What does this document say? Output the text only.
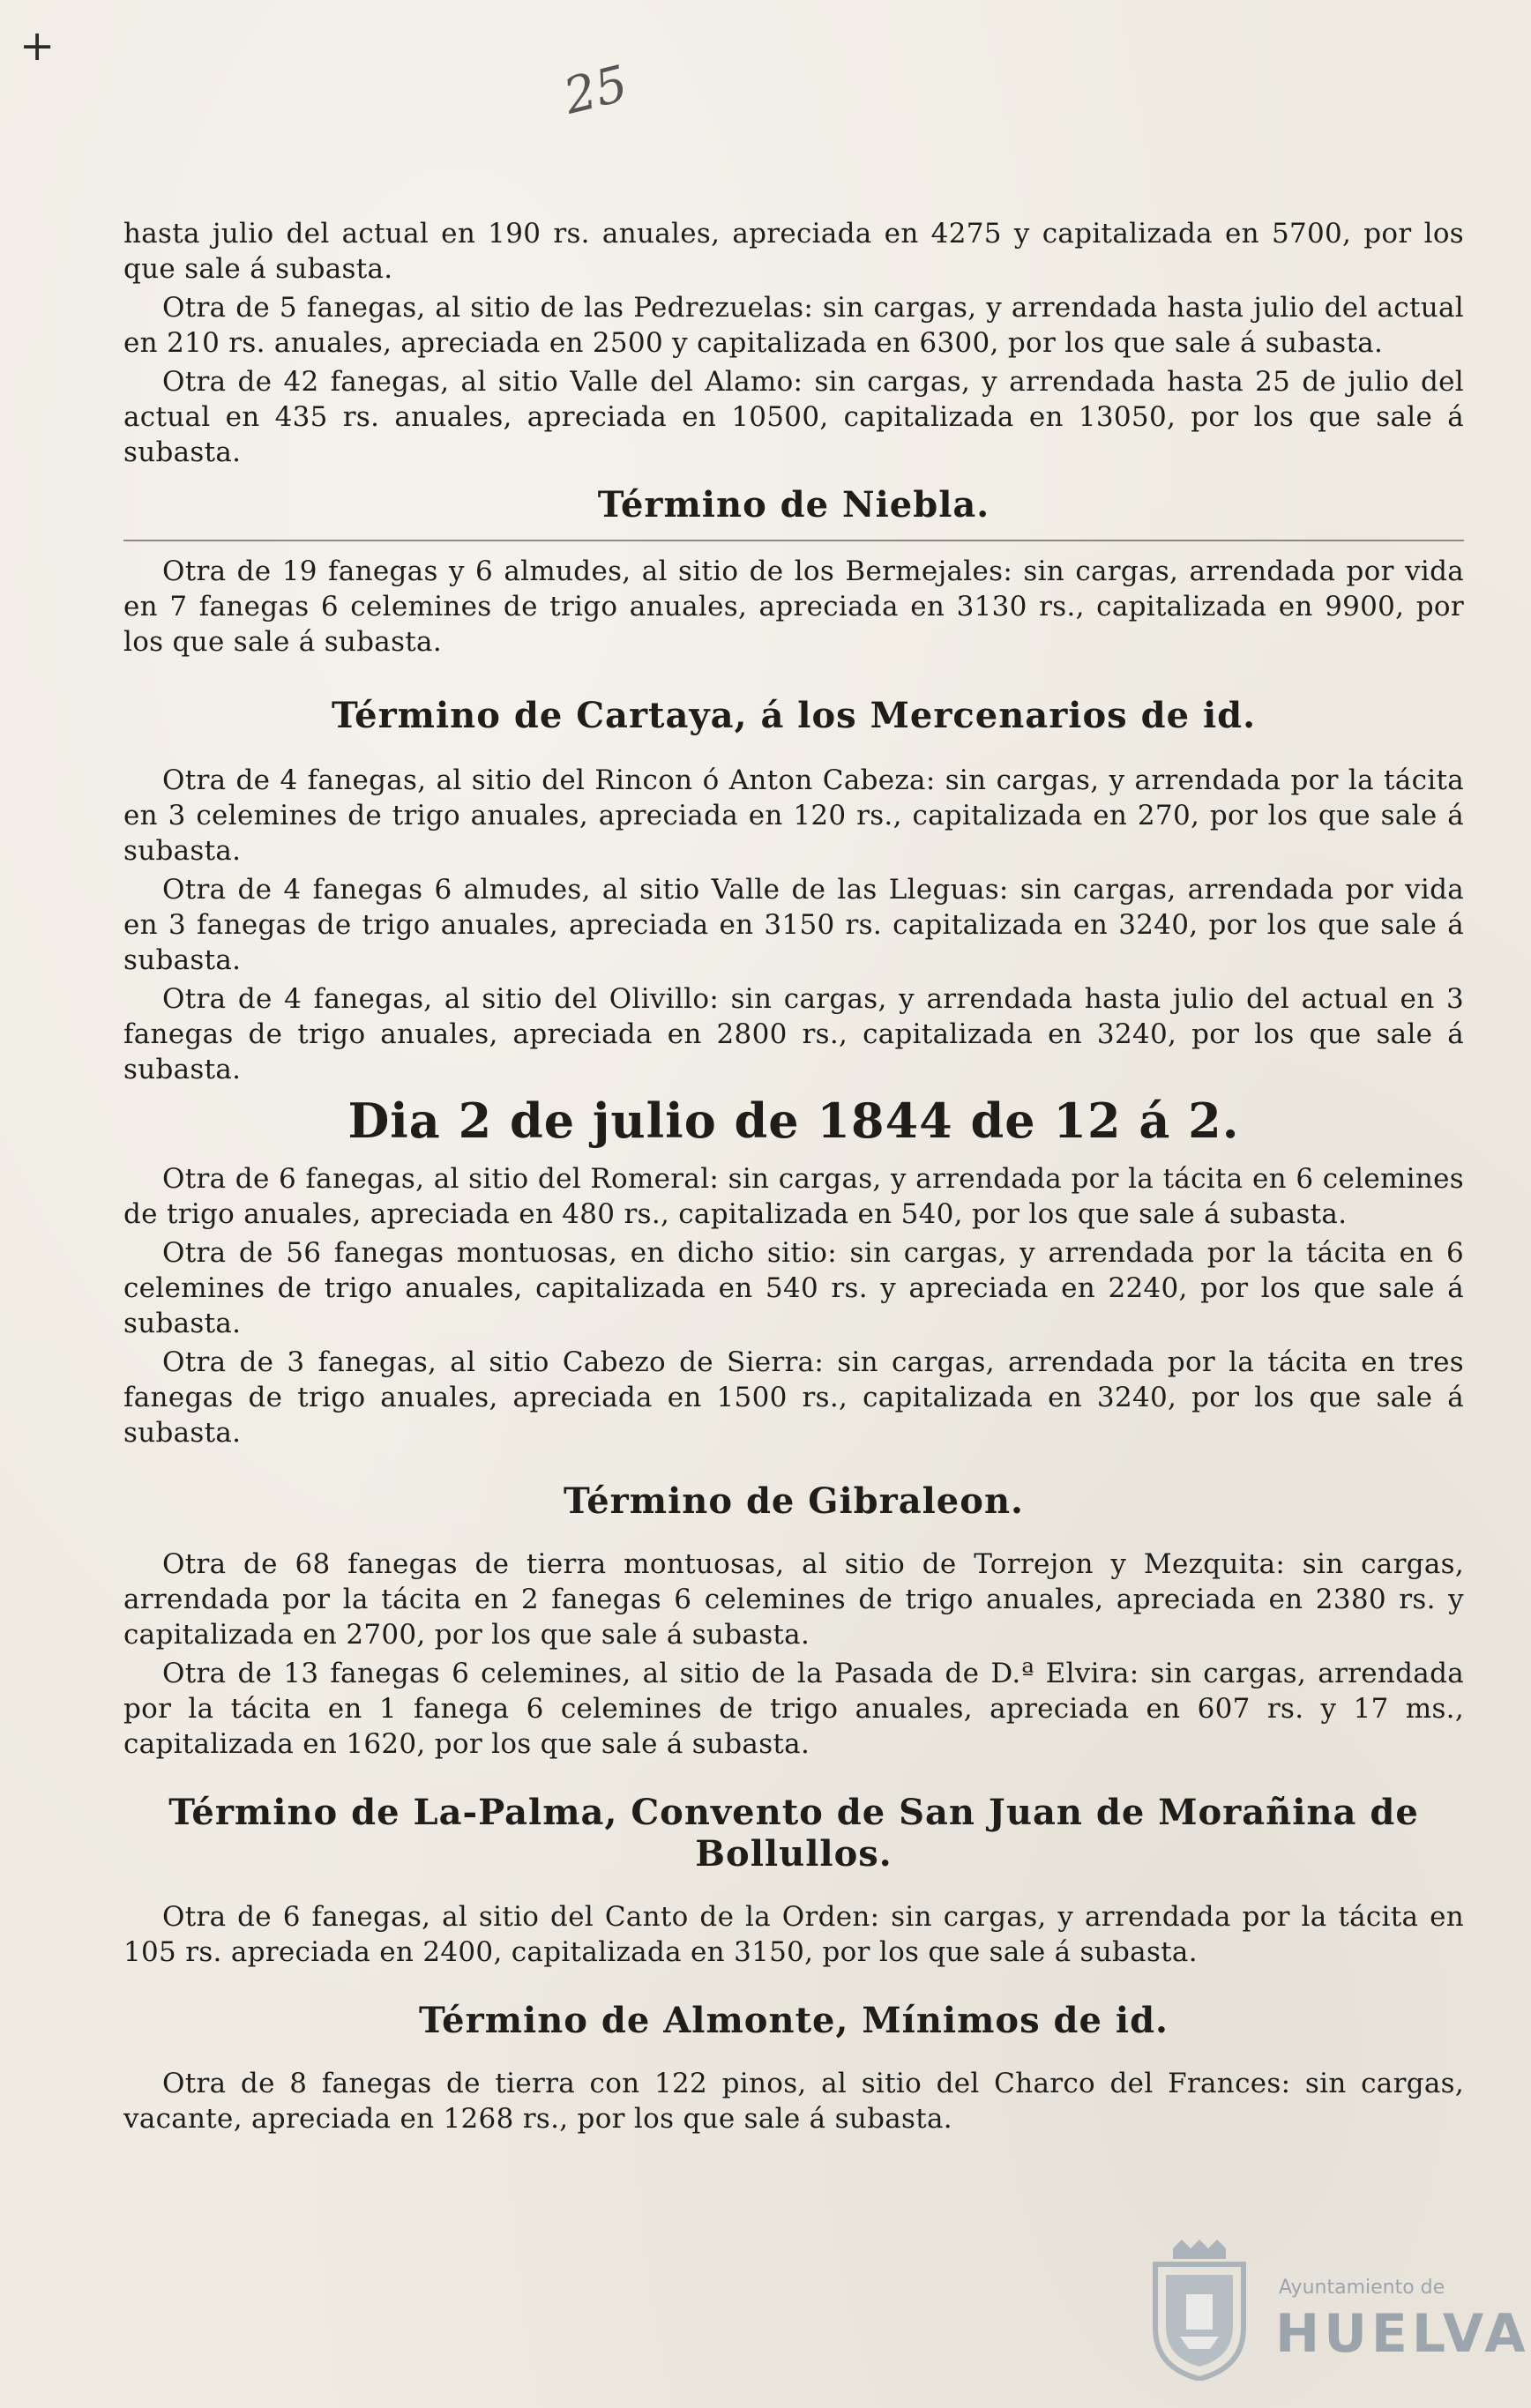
+
25

hasta julio del actual en 190 rs. anuales, apreciada en 4275 y capitalizada en 5700, por los que sale á subasta.

Otra de 5 fanegas, al sitio de las Pedrezuelas: sin cargas, y arrendada hasta julio del actual en 210 rs. anuales, apreciada en 2500 y capitalizada en 6300, por los que sale á subasta.

Otra de 42 fanegas, al sitio Valle del Alamo: sin cargas, y arrendada hasta 25 de julio del actual en 435 rs. anuales, apreciada en 10500, capitalizada en 13050, por los que sale á subasta.

Término de Niebla.

Otra de 19 fanegas y 6 almudes, al sitio de los Bermejales: sin cargas, arrendada por vida en 7 fanegas 6 celemines de trigo anuales, apreciada en 3130 rs., capitalizada en 9900, por los que sale á subasta.

Término de Cartaya, á los Mercenarios de id.

Otra de 4 fanegas, al sitio del Rincon ó Anton Cabeza: sin cargas, y arrendada por la tácita en 3 celemines de trigo anuales, apreciada en 120 rs., capitalizada en 270, por los que sale á subasta.

Otra de 4 fanegas 6 almudes, al sitio Valle de las Lleguas: sin cargas, arrendada por vida en 3 fanegas de trigo anuales, apreciada en 3150 rs. capitalizada en 3240, por los que sale á subasta.

Otra de 4 fanegas, al sitio del Olivillo: sin cargas, y arrendada hasta julio del actual en 3 fanegas de trigo anuales, apreciada en 2800 rs., capitalizada en 3240, por los que sale á subasta.

Dia 2 de julio de 1844 de 12 á 2.

Otra de 6 fanegas, al sitio del Romeral: sin cargas, y arrendada por la tácita en 6 celemines de trigo anuales, apreciada en 480 rs., capitalizada en 540, por los que sale á subasta.

Otra de 56 fanegas montuosas, en dicho sitio: sin cargas, y arrendada por la tácita en 6 celemines de trigo anuales, capitalizada en 540 rs. y apreciada en 2240, por los que sale á subasta.

Otra de 3 fanegas, al sitio Cabezo de Sierra: sin cargas, arrendada por la tácita en tres fanegas de trigo anuales, apreciada en 1500 rs., capitalizada en 3240, por los que sale á subasta.

Término de Gibraleon.

Otra de 68 fanegas de tierra montuosas, al sitio de Torrejon y Mezquita: sin cargas, arrendada por la tácita en 2 fanegas 6 celemines de trigo anuales, apreciada en 2380 rs. y capitalizada en 2700, por los que sale á subasta.

Otra de 13 fanegas 6 celemines, al sitio de la Pasada de D.ª Elvira: sin cargas, arrendada por la tácita en 1 fanega 6 celemines de trigo anuales, apreciada en 607 rs. y 17 ms., capitalizada en 1620, por los que sale á subasta.

Término de La-Palma, Convento de San Juan de Morañina de Bollullos.

Otra de 6 fanegas, al sitio del Canto de la Orden: sin cargas, y arrendada por la tácita en 105 rs. apreciada en 2400, capitalizada en 3150, por los que sale á subasta.

Término de Almonte, Mínimos de id.

Otra de 8 fanegas de tierra con 122 pinos, al sitio del Charco del Frances: sin cargas, vacante, apreciada en 1268 rs., por los que sale á subasta.

Ayuntamiento de
HUELVA
